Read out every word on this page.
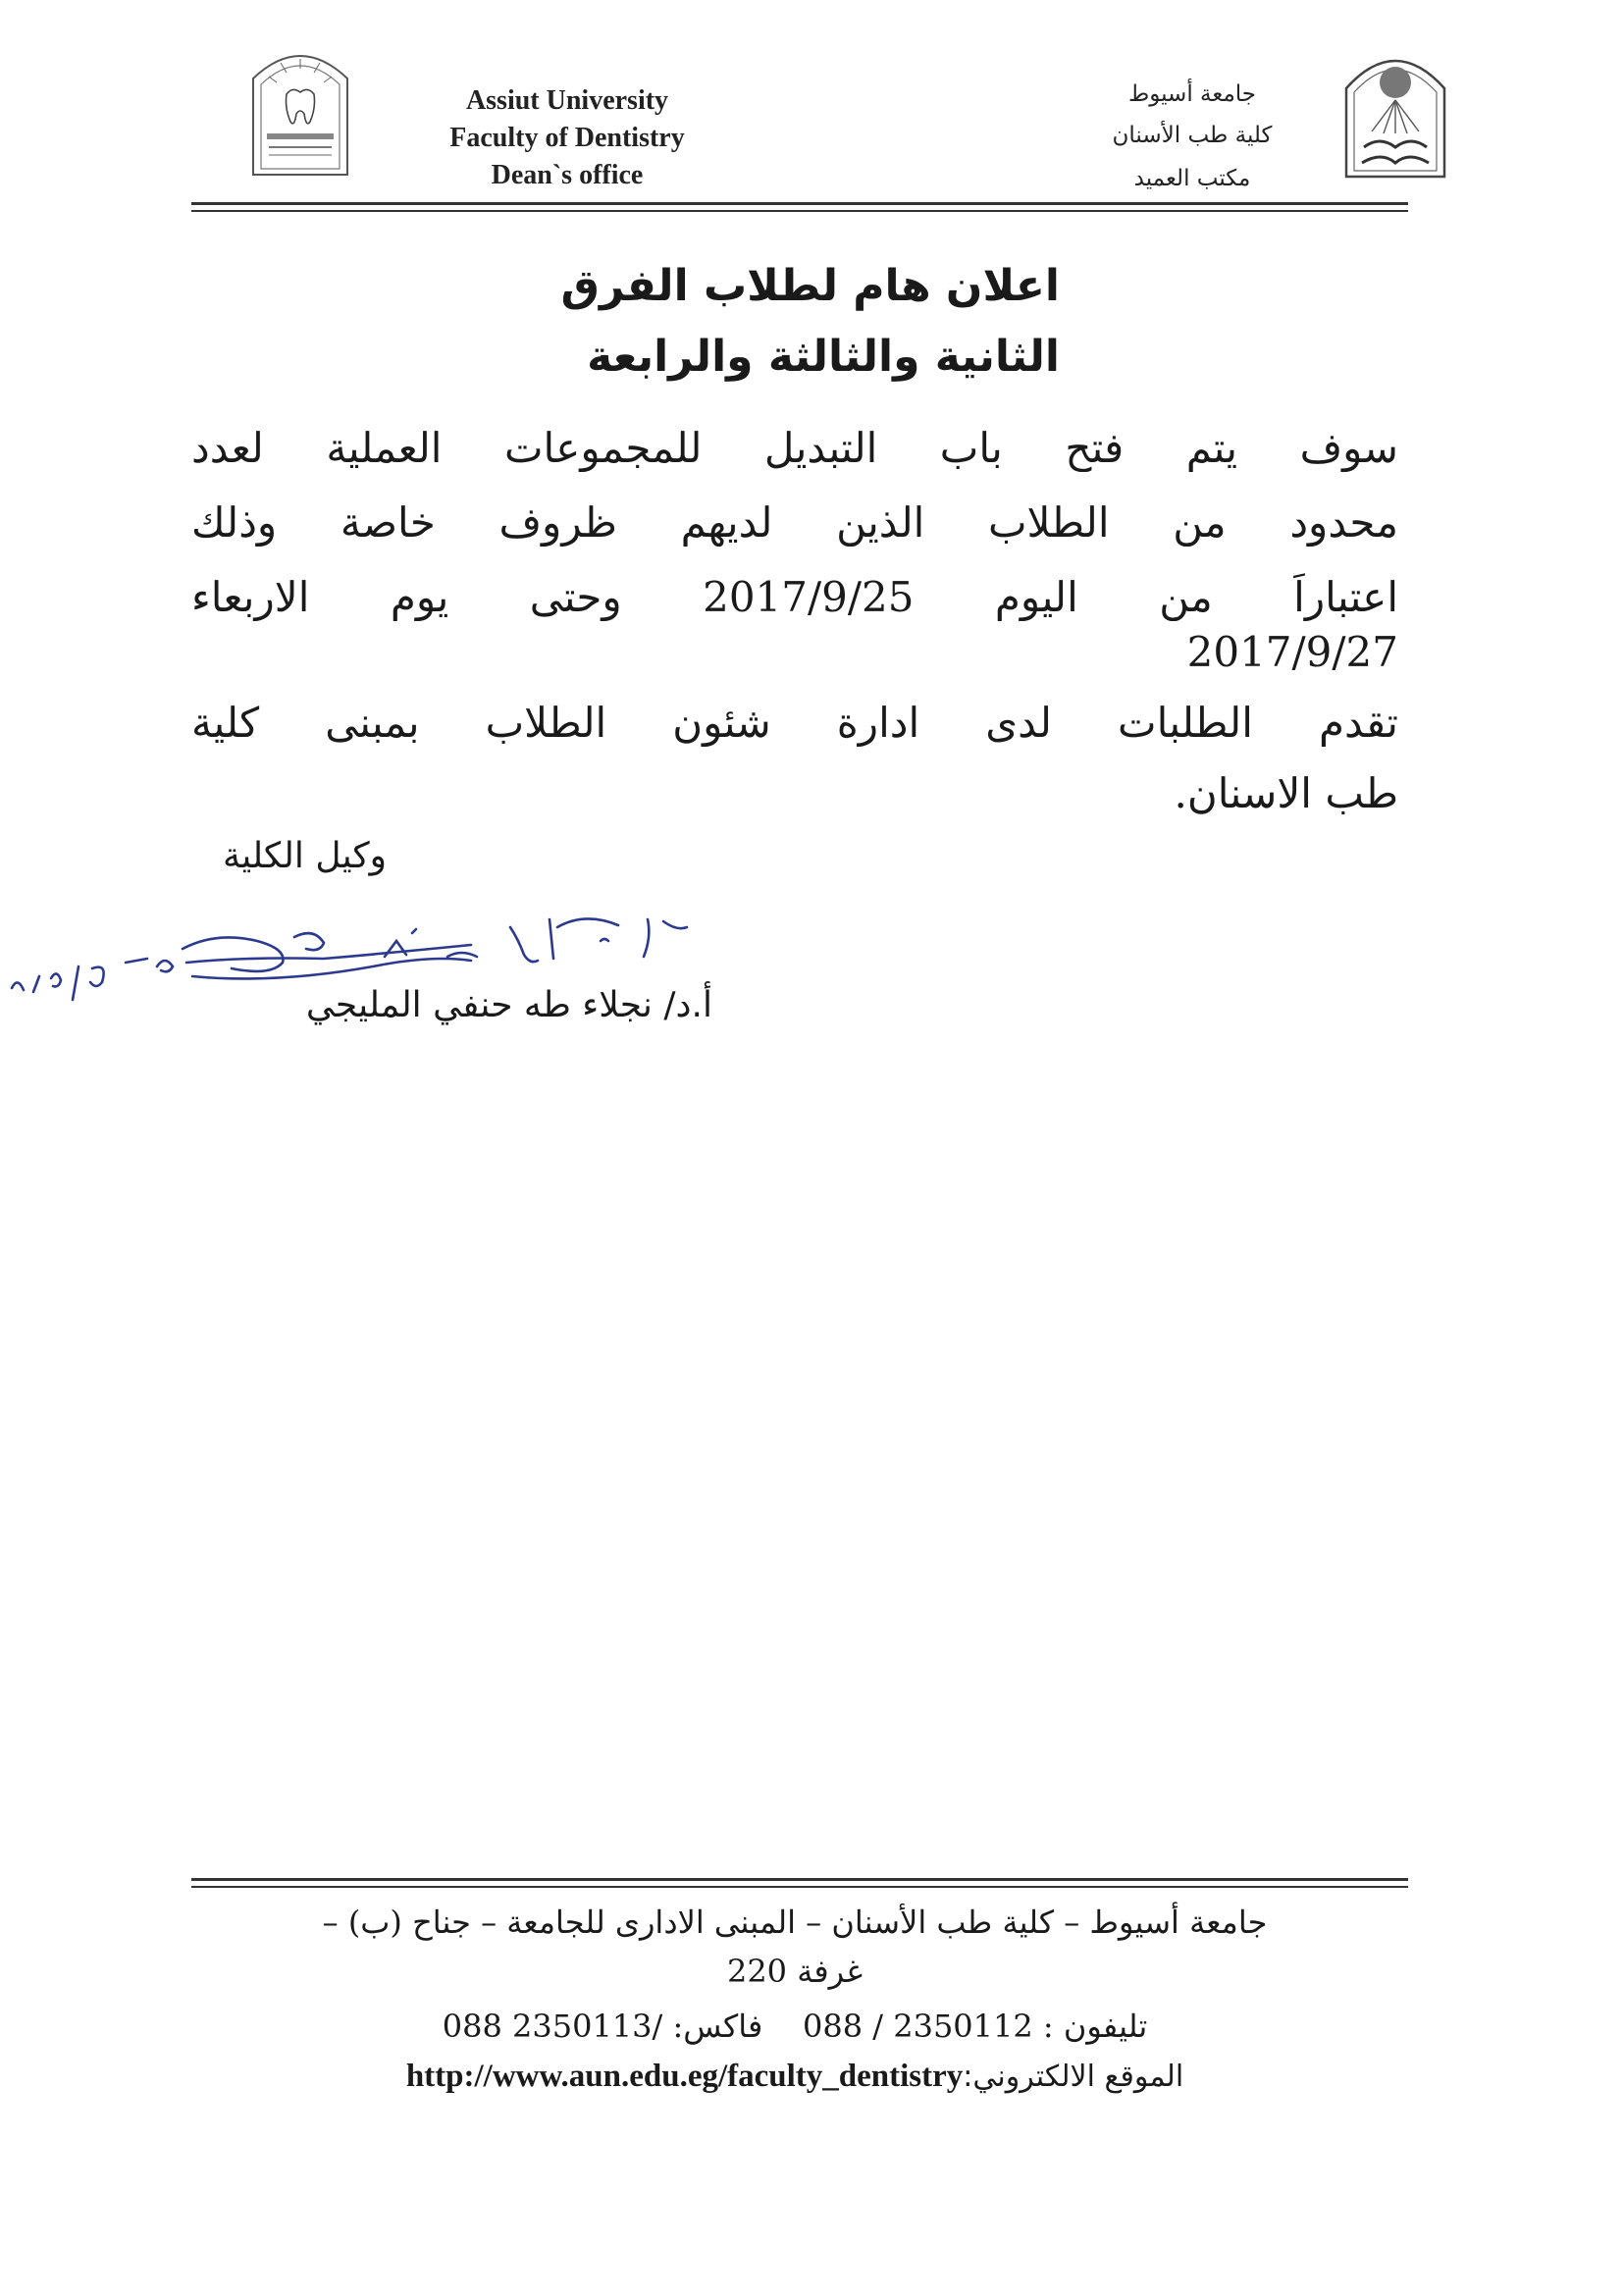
Assiut University
Faculty of Dentistry
Dean`s office
جامعة أسيوط
كلية طب الأسنان
مكتب العميد
اعلان هام لطلاب الفرق
الثانية والثالثة والرابعة
سوف يتم فتح باب التبديل للمجموعات العملية لعدد
محدود من الطلاب الذين لديهم ظروف خاصة وذلك
اعتباراً من اليوم 2017/9/25 وحتى يوم الاربعاء
2017/9/27
تقدم الطلبات لدى ادارة شئون الطلاب بمبنى كلية
طب الاسنان.
وكيل الكلية
أ.د/ نجلاء طه حنفي المليجي
جامعة أسيوط – كلية طب الأسنان – المبنى الادارى للجامعة – جناح (ب) –
غرفة 220
تليفون : 2350112 / 088    فاكس: /2350113 088
الموقع الالكتروني:http://www.aun.edu.eg/faculty_dentistry
